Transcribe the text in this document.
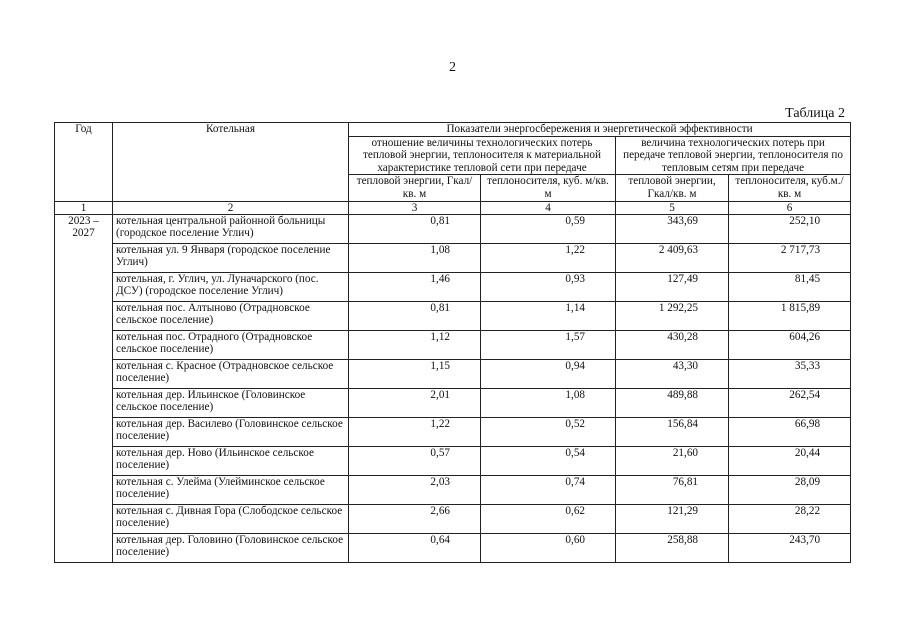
2
Таблица 2
Год	Котельная	Показатели энергосбережения и энергетической эффективности			
		отношение величины технологических потерь тепловой энергии, теплоносителя к материальной характеристике тепловой сети при передаче		величина технологических потерь при передаче тепловой энергии, теплоносителя по тепловым сетям при передаче	
		тепловой энергии, Гкал/кв. м	теплоносителя, куб. м/кв. м	тепловой энергии, Гкал/кв. м	теплоносителя, куб.м./кв. м
1	2	3	4	5	6
2023 – 2027	котельная центральной районной больницы (городское поселение Углич)	0,81	0,59	343,69	252,10
	котельная ул. 9 Января (городское поселение Углич)	1,08	1,22	2 409,63	2 717,73
	котельная, г. Углич, ул. Луначарского (пос. ДСУ) (городское поселение Углич)	1,46	0,93	127,49	81,45
	котельная пос. Алтыново (Отрадновское сельское поселение)	0,81	1,14	1 292,25	1 815,89
	котельная пос. Отрадного (Отрадновское сельское поселение)	1,12	1,57	430,28	604,26
	котельная с. Красное (Отрадновское сельское поселение)	1,15	0,94	43,30	35,33
	котельная дер. Ильинское (Головинское сельское поселение)	2,01	1,08	489,88	262,54
	котельная дер. Василево (Головинское сельское поселение)	1,22	0,52	156,84	66,98
	котельная дер. Ново (Ильинское сельское поселение)	0,57	0,54	21,60	20,44
	котельная с. Улейма (Улейминское сельское поселение)	2,03	0,74	76,81	28,09
	котельная с. Дивная Гора (Слободское сельское поселение)	2,66	0,62	121,29	28,22
	котельная дер. Головино (Головинское сельское поселение)	0,64	0,60	258,88	243,70
